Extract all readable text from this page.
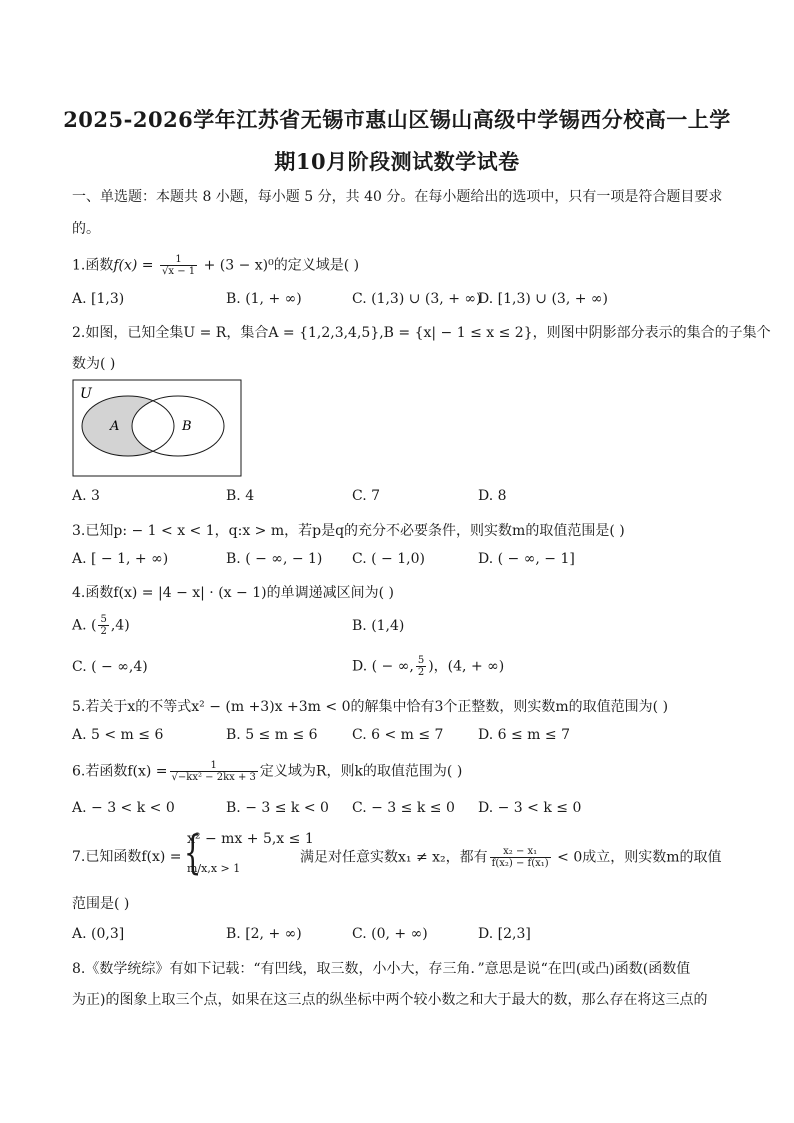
2025-2026学年江苏省无锡市惠山区锡山高级中学锡西分校高一上学
期10月阶段测试数学试卷
一、单选题：本题共 8 小题，每小题 5 分，共 40 分。在每小题给出的选项中，只有一项是符合题目要求
的。
1.函数$f(x) = \frac{1}{√x - 1} + (3 - x)^0$的定义域是( )
A. [1,3)	B. (1, + ∞)	C. (1,3) ∪ (3, + ∞)
D. [1,3) ∪ (3, + ∞)
2.如图，已知全集U = R，集合A = {1,2,3,4,5},B = {x| − 1 ≤ x ≤ 2}，则图中阴影部分表示的集合的子集个
数为( )
U
A	B
A. 3	B. 4	C. 7	D. 8
3.已知p: − 1 < x < 1，q:x > m，若p是q的充分不必要条件，则实数m的取值范围是( )
A. [ − 1, + ∞)	B. ( − ∞, − 1) C. ( − 1,0)	D. ( − ∞, − 1]
4.函数f(x) = |4 − x| · (x − 1)的单调递减区间为( )
A. ( $\frac{5}{2} ,4$)	B. (1,4)
C. ( − ∞,4)	D. ( − ∞, $\frac{5}{2}$ )，(4, + ∞)
5.若关于x的不等式x² − (m +3)x +3m < 0的解集中恰有3个正整数，则实数m的取值范围为( )
A. 5 < m ≤ 6	B. 5 ≤ m ≤ 6 C. 6 < m ≤ 7 D. 6 ≤ m ≤ 7
6.若函数$f(x) = \frac{1}{\text{√−kx² − 2kx + 3}}$ 定义域为R，则k的取值范围为( )
A. − 3 < k < 0	B. − 3 ≤ k < 0 C. − 3 ≤ k ≤ 0 D. − 3 < k ≤ 0
7.已知函数f(x) = {
x² − mx + 5,x ≤ 1
m/x,x > 1
满足对任意实数x₁ ≠ x₂，都有 $\frac{\text{x₂ − x₁}}{\text{f(x₂) − f(x₁)}} < 0$成立，则实数m的取值
范围是( )
A. (0,3]	B. [2, + ∞)	C. (0, + ∞)	D. [2,3]
8.《数学统综》有如下记载：“有凹线，取三数，小小大，存三角．”意思是说“在凹(或凸)函数(函数值
为正)的图象上取三个点，如果在这三点的纵坐标中两个较小数之和大于最大的数，那么存在将这三点的
